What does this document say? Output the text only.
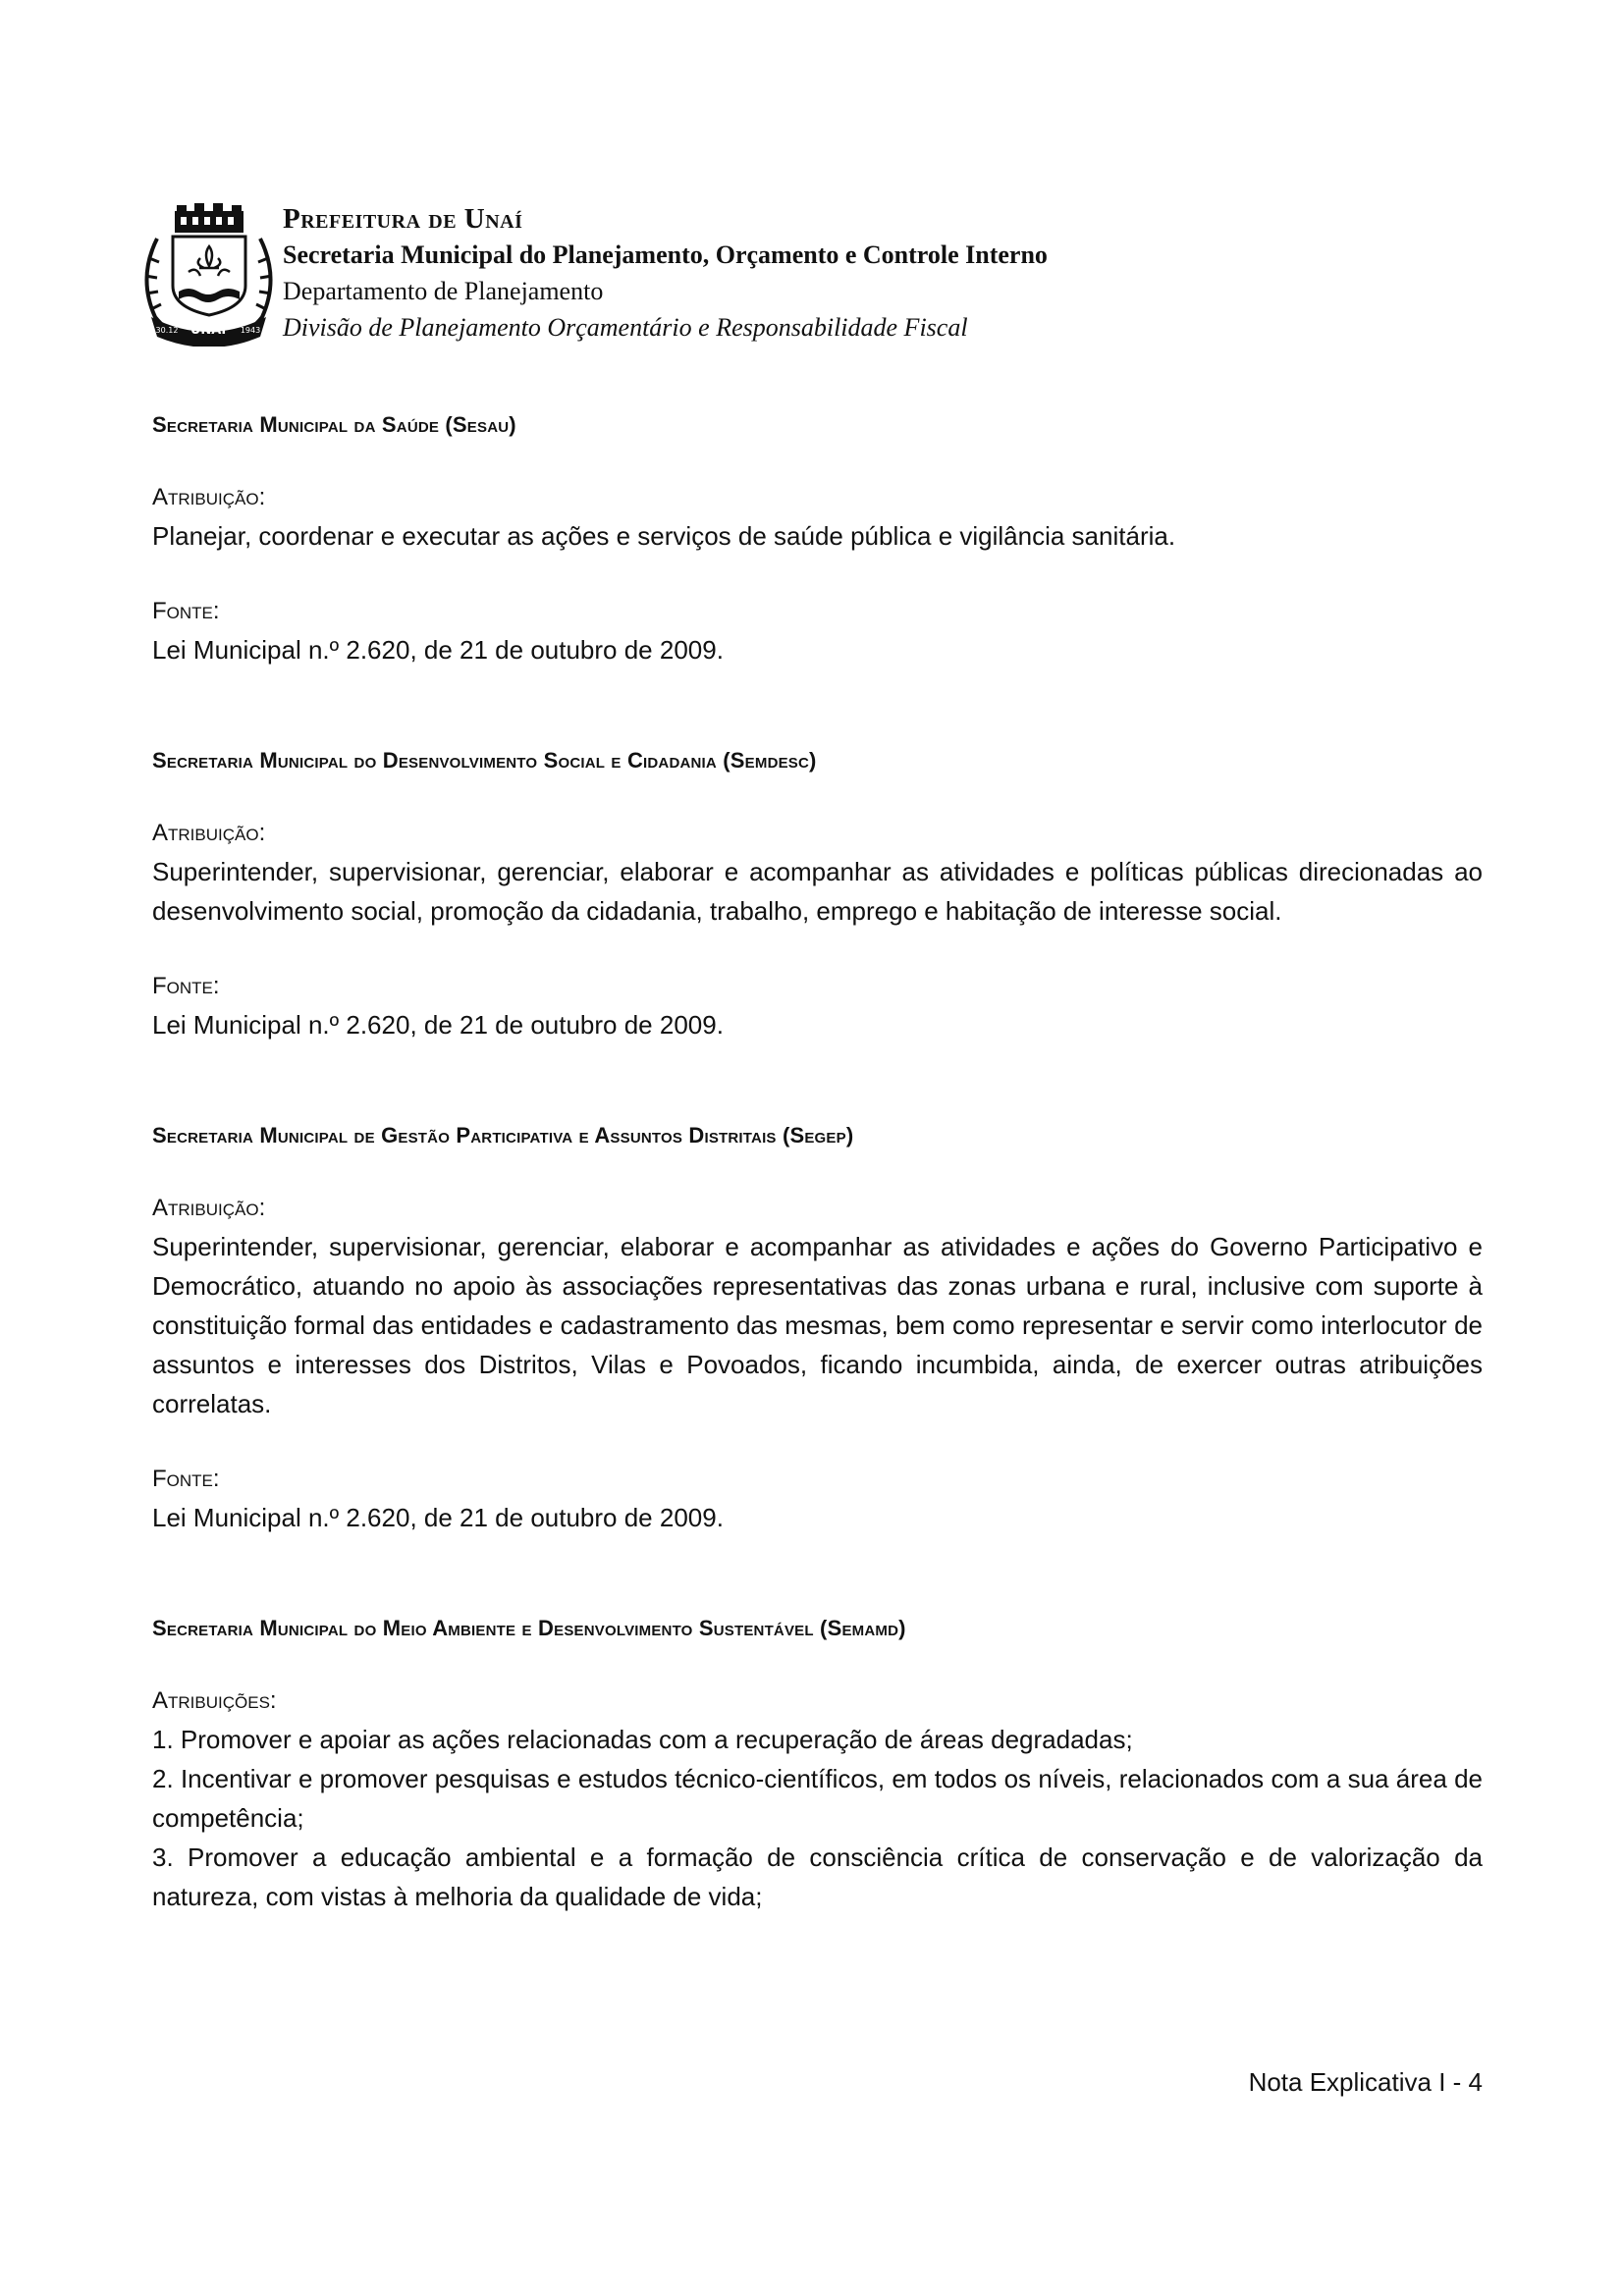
UNAÍ
30.12	1943
Prefeitura de Unaí
Secretaria Municipal do Planejamento, Orçamento e Controle Interno
Departamento de Planejamento
Divisão de Planejamento Orçamentário e Responsabilidade Fiscal
Secretaria Municipal da Saúde (Sesau)

Atribuição:

Planejar, coordenar e executar as ações e serviços de saúde pública e vigilância sanitária.

Fonte:

Lei Municipal n.º 2.620, de 21 de outubro de 2009.

Secretaria Municipal do Desenvolvimento Social e Cidadania (Semdesc)

Atribuição:

Superintender, supervisionar, gerenciar, elaborar e acompanhar as atividades e políticas públicas direcionadas ao desenvolvimento social, promoção da cidadania, trabalho, emprego e habitação de interesse social.

Fonte:

Lei Municipal n.º 2.620, de 21 de outubro de 2009.

Secretaria Municipal de Gestão Participativa e Assuntos Distritais (Segep)

Atribuição:

Superintender, supervisionar, gerenciar, elaborar e acompanhar as atividades e ações do Governo Participativo e Democrático, atuando no apoio às associações representativas das zonas urbana e rural, inclusive com suporte à constituição formal das entidades e cadastramento das mesmas, bem como representar e servir como interlocutor de assuntos e interesses dos Distritos, Vilas e Povoados, ficando incumbida, ainda, de exercer outras atribuições correlatas.

Fonte:

Lei Municipal n.º 2.620, de 21 de outubro de 2009.

Secretaria Municipal do Meio Ambiente e Desenvolvimento Sustentável (Semamd)

Atribuições:

1. Promover e apoiar as ações relacionadas com a recuperação de áreas degradadas;
2. Incentivar e promover pesquisas e estudos técnico-científicos, em todos os níveis, relacionados com a sua área de competência;
3. Promover a educação ambiental e a formação de consciência crítica de conservação e de valorização da natureza, com vistas à melhoria da qualidade de vida;
Nota Explicativa I - 4
